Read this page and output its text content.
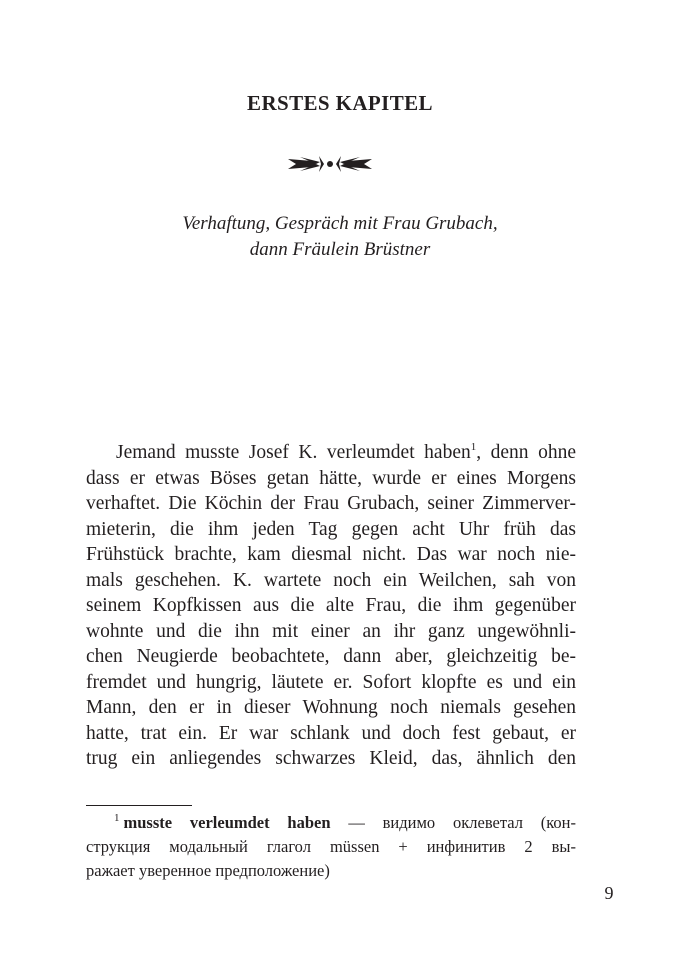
ERSTES KAPITEL
Verhaftung, Gespräch mit Frau Grubach,
dann Fräulein Brüstner
Jemand musste Josef K. verleumdet haben$^1$, denn ohne
dass er etwas Böses getan hätte, wurde er eines Morgens
verhaftet. Die Köchin der Frau Grubach, seiner Zimmerver-
mieterin, die ihm jeden Tag gegen acht Uhr früh das
Frühstück brachte, kam diesmal nicht. Das war noch nie-
mals geschehen. K. wartete noch ein Weilchen, sah von
seinem Kopfkissen aus die alte Frau, die ihm gegenüber
wohnte und die ihn mit einer an ihr ganz ungewöhnli-
chen Neugierde beobachtete, dann aber, gleichzeitig be-
fremdet und hungrig, läutete er. Sofort klopfte es und ein
Mann, den er in dieser Wohnung noch niemals gesehen
hatte, trat ein. Er war schlank und doch fest gebaut, er
trug ein anliegendes schwarzes Kleid, das, ähnlich den
$^1$ musste verleumdet haben — видимо оклеветал (кон-
струкция модальный глагол müssen + инфинитив 2 вы-
ражает уверенное предположение)
9
